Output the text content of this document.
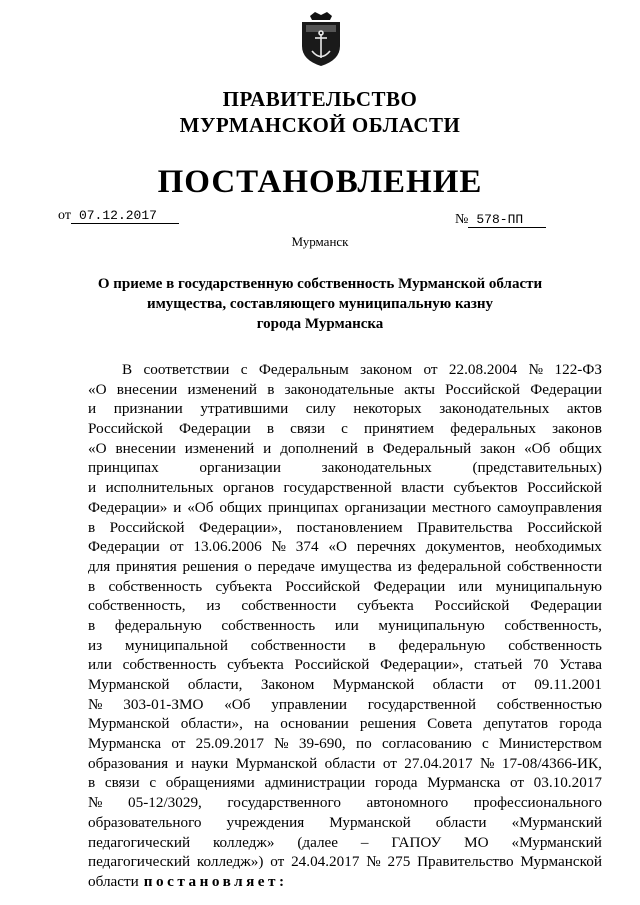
ПРАВИТЕЛЬСТВО
МУРМАНСКОЙ ОБЛАСТИ
ПОСТАНОВЛЕНИЕ
от 07.12.2017	№ 578-ПП
Мурманск
О приеме в государственную собственность Мурманской области
имущества, составляющего муниципальную казну
города Мурманска
В соответствии с Федеральным законом от 22.08.2004 № 122-ФЗ
«О внесении изменений в законодательные акты Российской Федерации
и признании утратившими силу некоторых законодательных актов
Российской Федерации в связи с принятием федеральных законов
«О внесении изменений и дополнений в Федеральный закон «Об общих
принципах	организации	законодательных	(представительных)
и исполнительных органов государственной власти субъектов Российской
Федерации» и «Об общих принципах организации местного самоуправления
в Российской Федерации», постановлением Правительства Российской
Федерации от 13.06.2006 № 374 «О перечнях документов, необходимых
для принятия решения о передаче имущества из федеральной собственности
в собственность субъекта Российской Федерации или муниципальную
собственность, из собственности субъекта Российской Федерации
в федеральную собственность или муниципальную собственность,
из муниципальной собственности в федеральную собственность
или собственность субъекта Российской Федерации», статьей 70 Устава
Мурманской области, Законом Мурманской области от 09.11.2001
№ 303-01-ЗМО «Об управлении государственной собственностью
Мурманской области», на основании решения Совета депутатов города
Мурманска от 25.09.2017 № 39-690, по согласованию с Министерством
образования и науки Мурманской области от 27.04.2017 № 17-08/4366-ИК,
в связи с обращениями администрации города Мурманска от 03.10.2017
№ 05-12/3029, государственного автономного профессионального
образовательного учреждения Мурманской области «Мурманский
педагогический колледж» (далее – ГАПОУ МО «Мурманский
педагогический колледж») от 24.04.2017 № 275 Правительство Мурманской
области постановляет:
